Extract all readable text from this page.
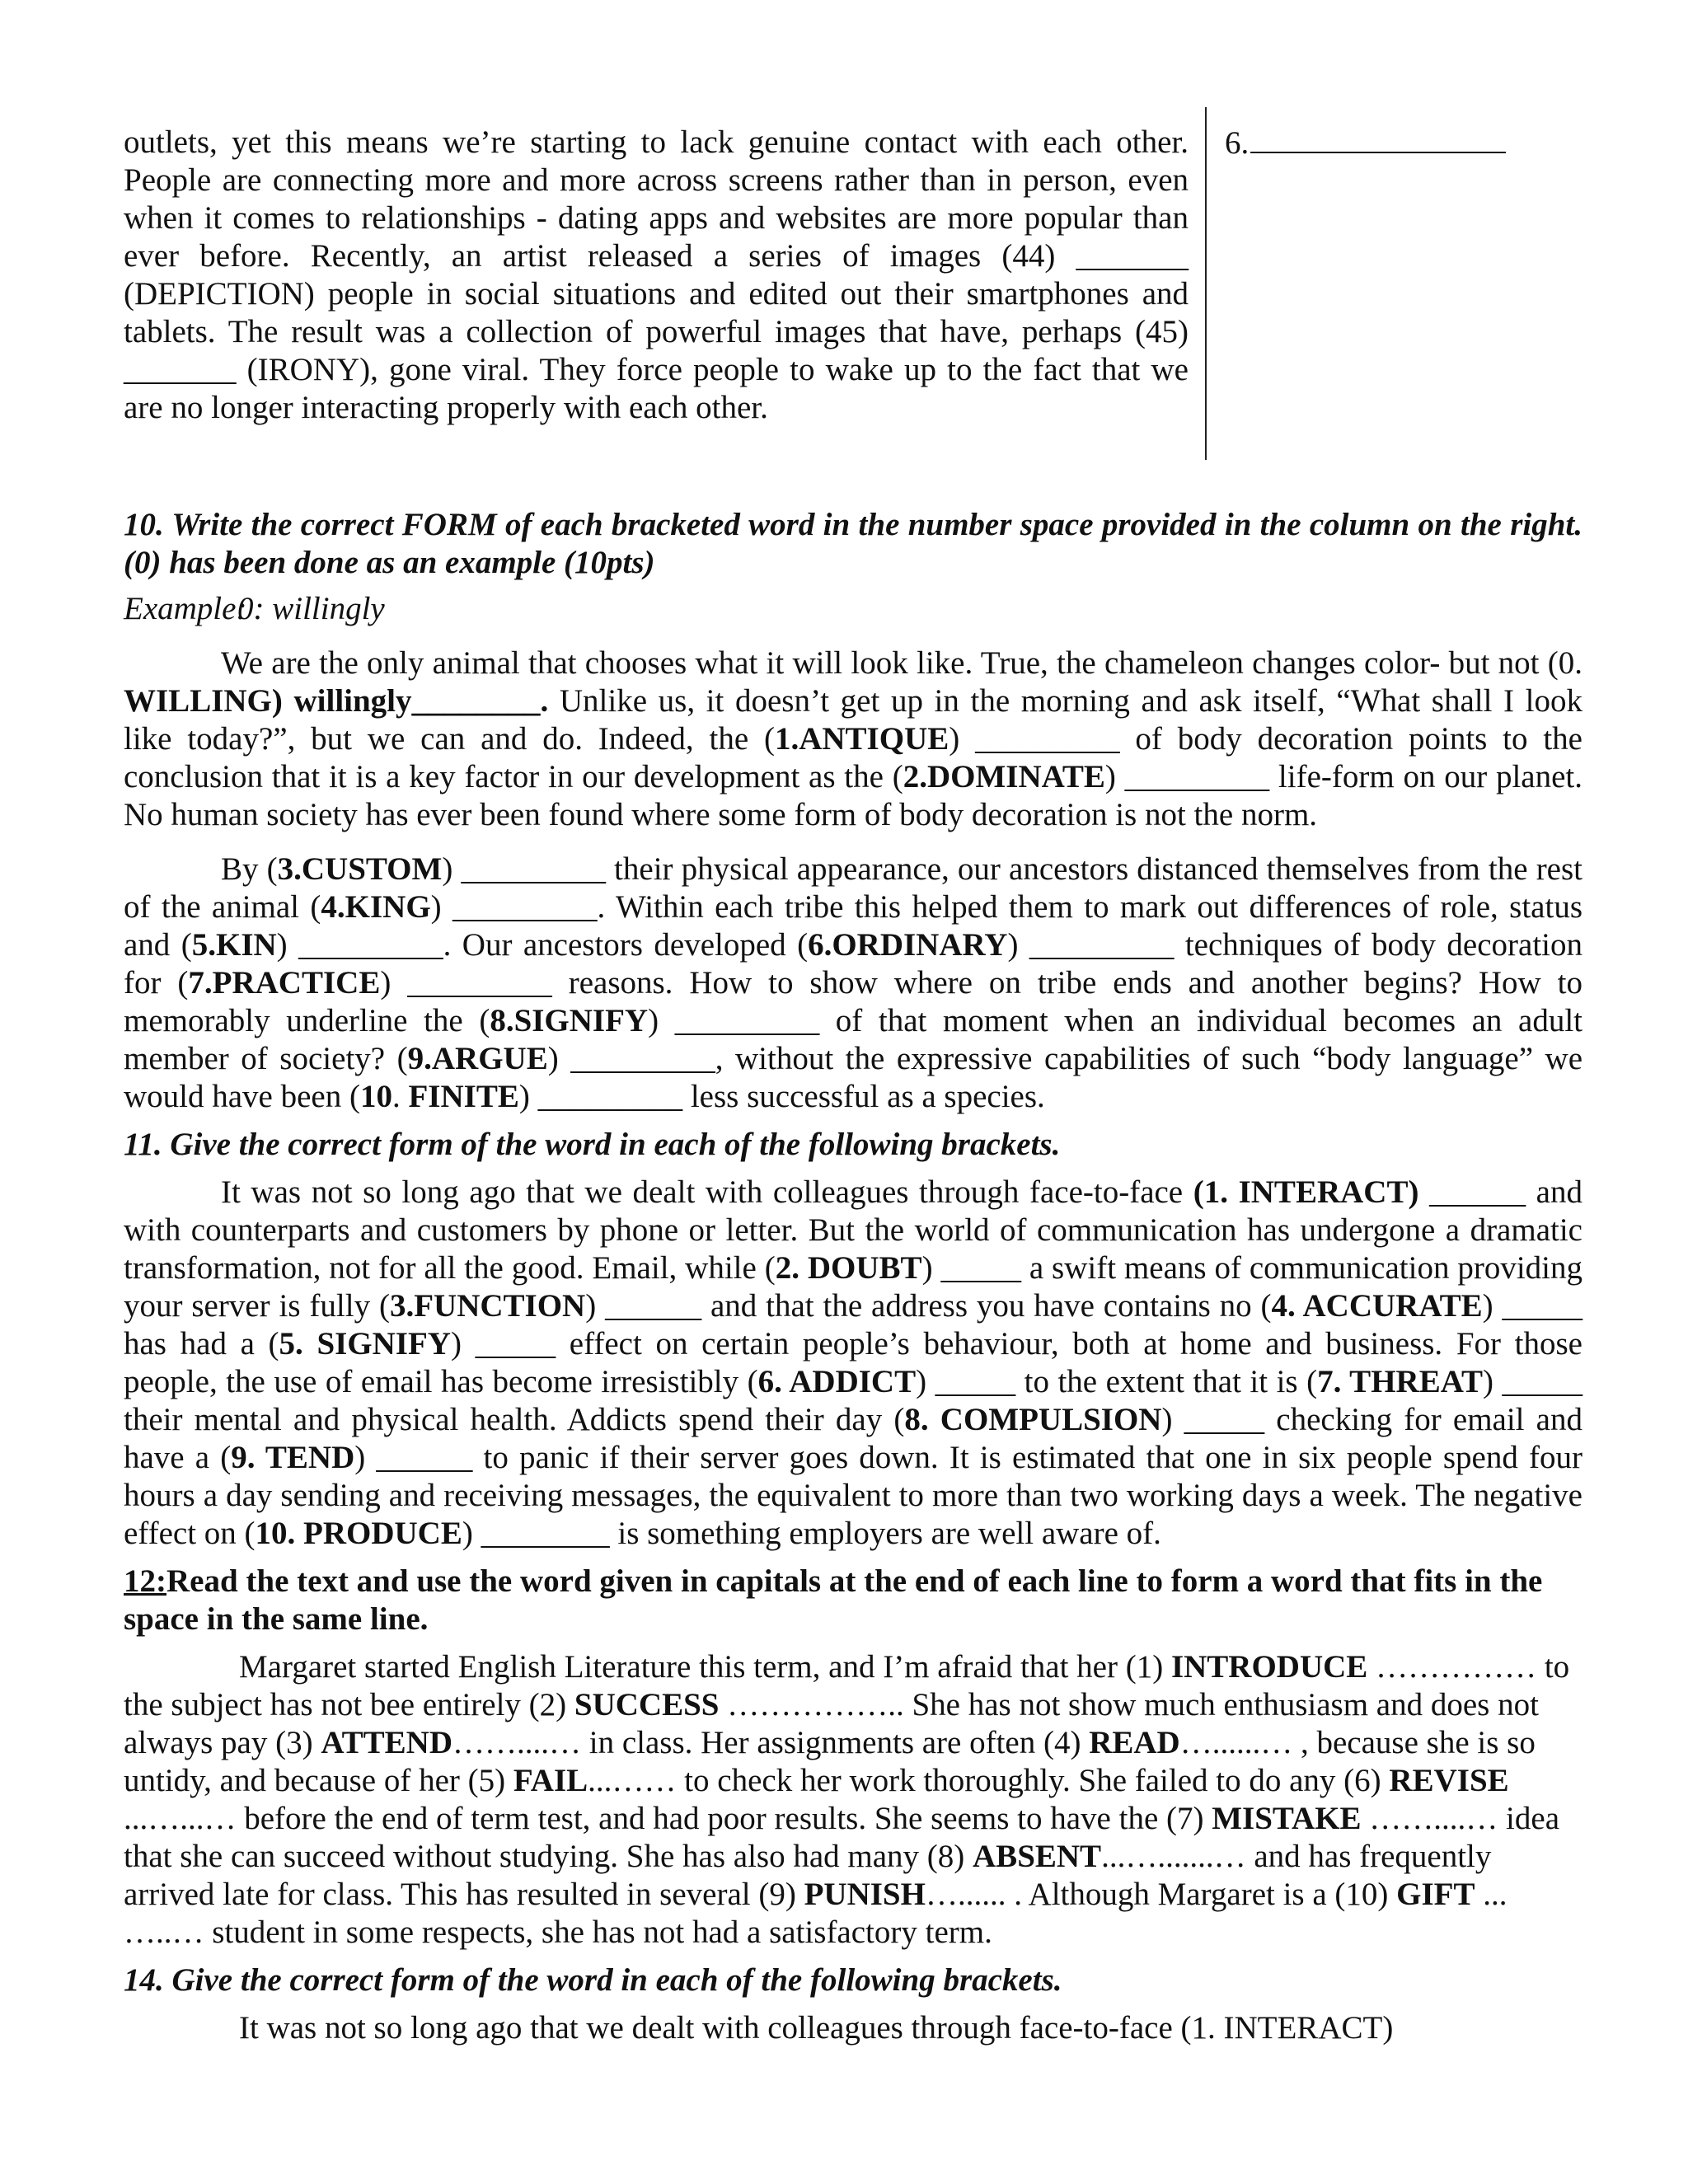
outlets, yet this means we’re starting to lack genuine contact with each other. People are connecting more and more across screens rather than in person, even when it comes to relationships - dating apps and websites are more popular than ever before. Recently, an artist released a series of images (44) _______ (DEPICTION) people in social situations and edited out their smartphones and tablets. The result was a collection of powerful images that have, perhaps (45) _______ (IRONY), gone viral. They force people to wake up to the fact that we are no longer interacting properly with each other.

6.

10. Write the correct FORM of each bracketed word in the number space provided in the column on the right. (0) has been done as an example (10pts)

Example:0: willingly

We are the only animal that chooses what it will look like. True, the chameleon changes color- but not (0. WILLING) willingly________. Unlike us, it doesn’t get up in the morning and ask itself, “What shall I look like today?”, but we can and do. Indeed, the (1.ANTIQUE) _________ of body decoration points to the conclusion that it is a key factor in our development as the (2.DOMINATE) _________ life-form on our planet. No human society has ever been found where some form of body decoration is not the norm.

By (3.CUSTOM) _________ their physical appearance, our ancestors distanced themselves from the rest of the animal (4.KING) _________. Within each tribe this helped them to mark out differences of role, status and (5.KIN) _________. Our ancestors developed (6.ORDINARY) _________ techniques of body decoration for (7.PRACTICE) _________ reasons. How to show where on tribe ends and another begins? How to memorably underline the (8.SIGNIFY) _________ of that moment when an individual becomes an adult member of society? (9.ARGUE) _________, without the expressive capabilities of such “body language” we would have been (10. FINITE) _________ less successful as a species.

11. Give the correct form of the word in each of the following brackets.

It was not so long ago that we dealt with colleagues through face-to-face (1. INTERACT) ______ and with counterparts and customers by phone or letter. But the world of communication has undergone a dramatic transformation, not for all the good. Email, while (2. DOUBT) _____ a swift means of communication providing your server is fully (3.FUNCTION) ______ and that the address you have contains no (4. ACCURATE) _____ has had a (5. SIGNIFY) _____ effect on certain people’s behaviour, both at home and business. For those people, the use of email has become irresistibly (6. ADDICT) _____ to the extent that it is (7. THREAT) _____ their mental and physical health. Addicts spend their day (8. COMPULSION) _____ checking for email and have a (9. TEND) ______ to panic if their server goes down. It is estimated that one in six people spend four hours a day sending and receiving messages, the equivalent to more than two working days a week. The negative effect on (10. PRODUCE) ________ is something employers are well aware of.

12:Read the text and use the word given in capitals at the end of each line to form a word that fits in the space in the same line.

Margaret started English Literature this term, and I’m afraid that her (1) INTRODUCE …………… to the subject has not bee entirely (2) SUCCESS …………….. She has not show much enthusiasm and does not always pay (3) ATTEND……....… in class. Her assignments are often (4) READ…......… , because she is so untidy, and because of her (5) FAIL...…… to check her work thoroughly. She failed to do any (6) REVISE ...…...… before the end of term test, and had poor results. She seems to have the (7) MISTAKE ……....… idea that she can succeed without studying. She has also had many (8) ABSENT...….......… and has frequently arrived late for class. This has resulted in several (9) PUNISH…...... . Although Margaret is a (10) GIFT ... …..… student in some respects, she has not had a satisfactory term.

14. Give the correct form of the word in each of the following brackets.

It was not so long ago that we dealt with colleagues through face-to-face (1. INTERACT)
